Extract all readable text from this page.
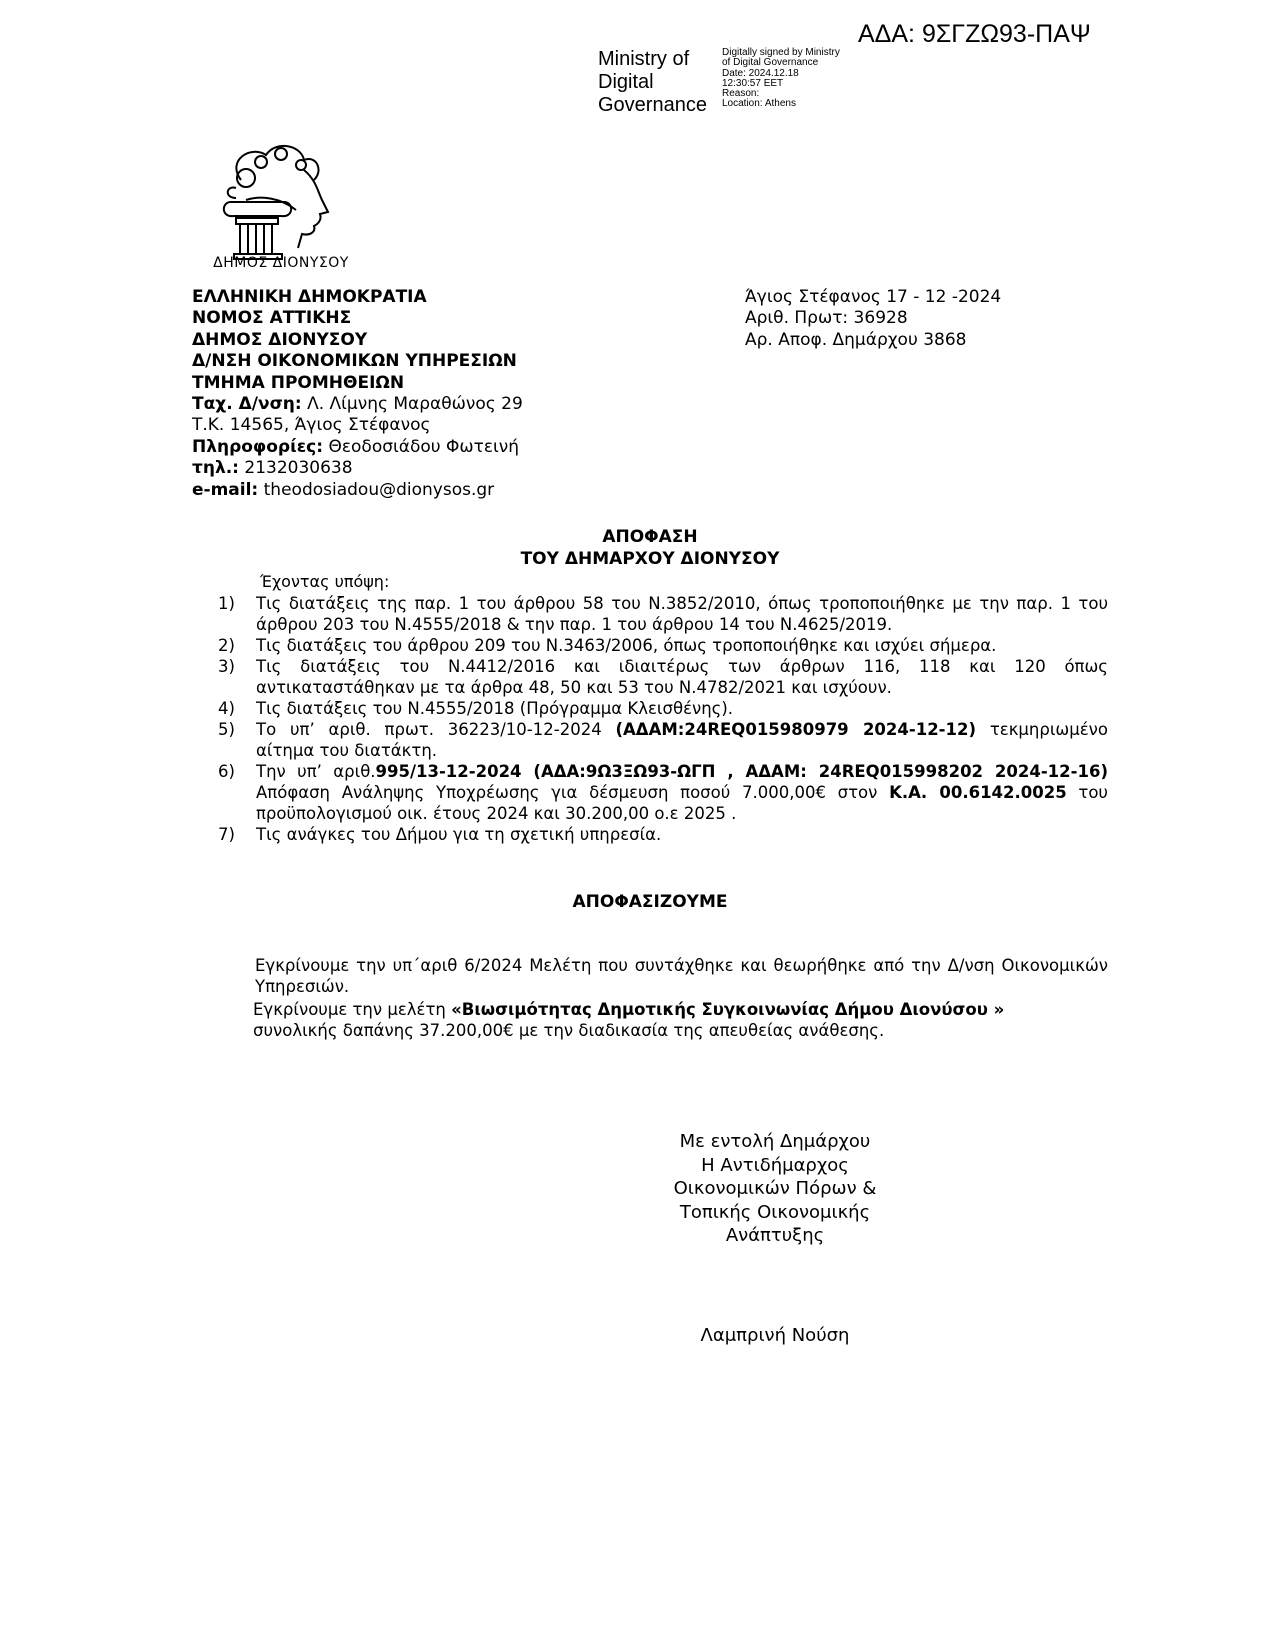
ΑΔΑ: 9ΣΓΖΩ93-ΠΑΨ
Ministry of
Digital
Governance
Digitally signed by Ministry
of Digital Governance
Date: 2024.12.18
12:30:57 EET
Reason:
Location: Athens
ΔΗΜΟΣ ΔΙΟΝΥΣΟΥ
ΕΛΛΗΝΙΚΗ ΔΗΜΟΚΡΑΤΙΑ
ΝΟΜΟΣ ΑΤΤΙΚΗΣ
ΔΗΜΟΣ ΔΙΟΝΥΣΟΥ
Δ/ΝΣΗ ΟΙΚΟΝΟΜΙΚΩΝ ΥΠΗΡΕΣΙΩΝ
ΤΜΗΜΑ ΠΡΟΜΗΘΕΙΩΝ
Ταχ. Δ/νση: Λ. Λίμνης Μαραθώνος 29
Τ.Κ. 14565, Άγιος Στέφανος
Πληροφορίες: Θεοδοσιάδου Φωτεινή
τηλ.: 2132030638
e-mail: theodosiadou@dionysos.gr
Άγιος Στέφανος 17 - 12 -2024
Αριθ. Πρωτ: 36928
Αρ. Αποφ. Δημάρχου 3868
ΑΠΟΦΑΣΗ
ΤΟΥ ΔΗΜΑΡΧΟΥ ΔΙΟΝΥΣΟΥ
Έχοντας υπόψη:
1)	Τις διατάξεις της παρ. 1 του άρθρου 58 του Ν.3852/2010, όπως τροποποιήθηκε με την παρ. 1 του άρθρου 203 του Ν.4555/2018 & την παρ. 1 του άρθρου 14 του Ν.4625/2019.
2)	Τις διατάξεις του άρθρου 209 του Ν.3463/2006, όπως τροποποιήθηκε και ισχύει σήμερα.
3)	Τις διατάξεις του Ν.4412/2016 και ιδιαιτέρως των άρθρων 116, 118 και 120 όπως αντικαταστάθηκαν με τα άρθρα 48, 50 και 53 του Ν.4782/2021 και ισχύουν.
4)	Τις διατάξεις του Ν.4555/2018 (Πρόγραμμα Κλεισθένης).
5)	Το υπ’ αριθ. πρωτ. 36223/10-12-2024 (ΑΔΑΜ:24REQ015980979 2024-12-12) τεκμηριωμένο αίτημα του διατάκτη.
6)	Την υπ’ αριθ.995/13-12-2024 (ΑΔΑ:9Ω3ΞΩ93-ΩΓΠ , ΑΔΑΜ: 24REQ015998202 2024-12-16) Απόφαση Ανάληψης Υποχρέωσης για δέσμευση ποσού 7.000,00€ στον Κ.Α. 00.6142.0025 του προϋπολογισμού οικ. έτους 2024 και 30.200,00 ο.ε 2025 .
7)	Τις ανάγκες του Δήμου για τη σχετική υπηρεσία.
ΑΠΟΦΑΣΙΖΟΥΜΕ
Εγκρίνουμε την υπ΄αριθ 6/2024 Μελέτη που συντάχθηκε και θεωρήθηκε από την Δ/νση Οικονομικών Υπηρεσιών.
Εγκρίνουμε την μελέτη «Βιωσιμότητας Δημοτικής Συγκοινωνίας Δήμου Διονύσου »
συνολικής δαπάνης 37.200,00€ με την διαδικασία της απευθείας ανάθεσης.
Με εντολή Δημάρχου
Η Αντιδήμαρχος
Οικονομικών Πόρων &
Τοπικής Οικονομικής
Ανάπτυξης
Λαμπρινή Νούση
